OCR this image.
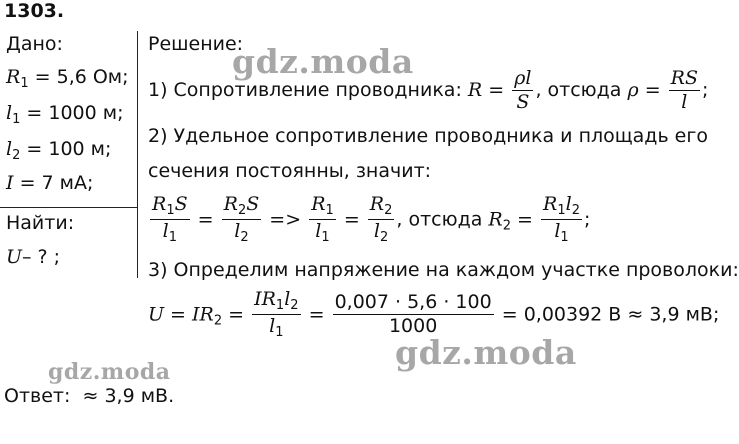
1303.
Дано:
$R_1 = 5,6$ Ом;
$l_1 = 1000$ м;
$l_2 = 100$ м;
I = 7 мА;
Найти:
U– ? ;
Решение:
1) Сопротивление проводника: $R = \frac{\rho l}{S}$ , отсюда $\rho = \frac{RS}{l}$ ;
2) Удельное сопротивление проводника и площадь его
сечения постоянны, значит:
$\frac{R_1S}{l_1} = \frac{R_2S}{l_2} => \frac{R_1}{l_1} = \frac{R_2}{l_2}$ , отсюда $R_2 = \frac{R_1l_2}{l_1}$ ;
3) Определим напряжение на каждом участке проволоки:
$U = IR_2 = \frac{IR_1l_2}{l_1} = \frac{0,007 \cdot 5,6 \cdot 100}{1000} = 0,00392$ В ≈ 3,9 мВ;
Ответ: ≈ 3,9 мВ.
gdz.moda
gdz.moda
gdz.moda
